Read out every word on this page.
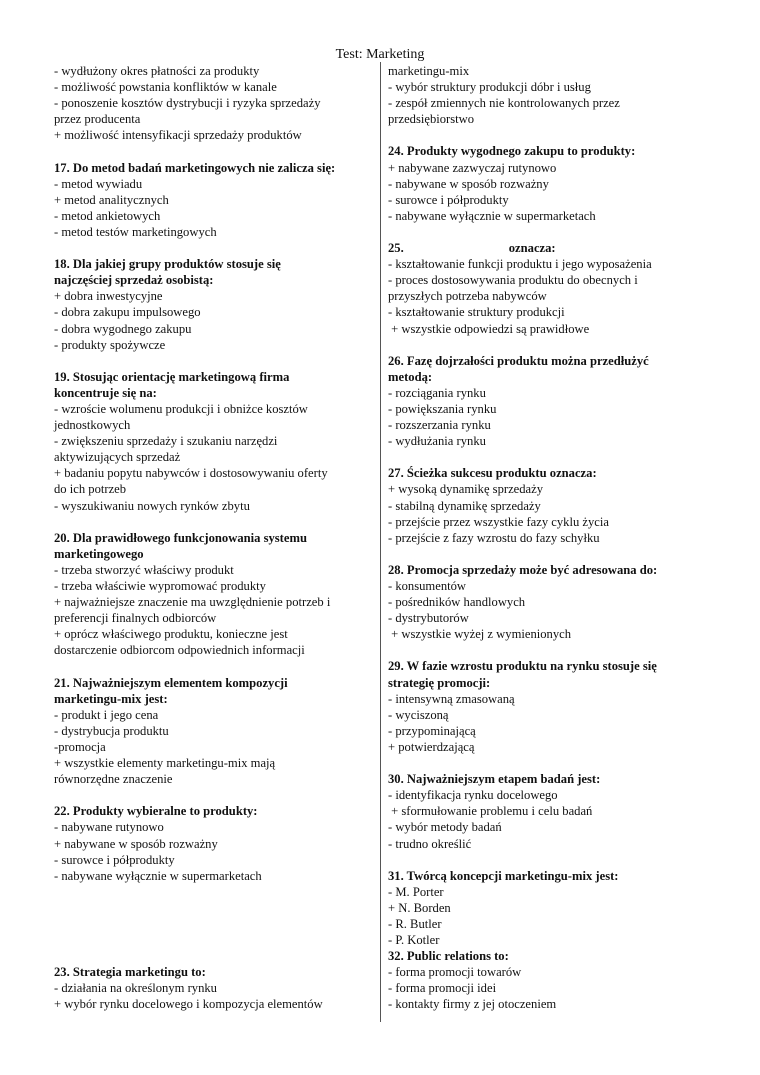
Test: Marketing
- wydłużony okres płatności za produkty
- możliwość powstania konfliktów w kanale
- ponoszenie kosztów dystrybucji i ryzyka sprzedaży
przez producenta
+ możliwość intensyfikacji sprzedaży produktów
17. Do metod badań marketingowych nie zalicza się:
- metod wywiadu
+ metod analitycznych
- metod ankietowych
- metod testów marketingowych
18. Dla jakiej grupy produktów stosuje się
najczęściej sprzedaż osobistą:
+ dobra inwestycyjne
- dobra zakupu impulsowego
- dobra wygodnego zakupu
- produkty spożywcze
19. Stosując orientację marketingową firma
koncentruje się na:
- wzroście wolumenu produkcji i obniżce kosztów
jednostkowych
- zwiększeniu sprzedaży i szukaniu narzędzi
aktywizujących sprzedaż
+ badaniu popytu nabywców i dostosowywaniu oferty
do ich potrzeb
- wyszukiwaniu nowych rynków zbytu
20. Dla prawidłowego funkcjonowania systemu
marketingowego
- trzeba stworzyć właściwy produkt
- trzeba właściwie wypromować produkty
+ najważniejsze znaczenie ma uwzględnienie potrzeb i
preferencji finalnych odbiorców
+ oprócz właściwego produktu, konieczne jest
dostarczenie odbiorcom odpowiednich informacji
21. Najważniejszym elementem kompozycji
marketingu-mix jest:
- produkt i jego cena
- dystrybucja produktu
-promocja
+ wszystkie elementy marketingu-mix mają
równorzędne znaczenie
22. Produkty wybieralne to produkty:
- nabywane rutynowo
+ nabywane w sposób rozważny
- surowce i półprodukty
- nabywane wyłącznie w supermarketach
23. Strategia marketingu to:
- działania na określonym rynku
+ wybór rynku docelowego i kompozycja elementów
marketingu-mix
- wybór struktury produkcji dóbr i usług
- zespół zmiennych nie kontrolowanych przez
przedsiębiorstwo
24. Produkty wygodnego zakupu to produkty:
+ nabywane zazwyczaj rutynowo
- nabywane w sposób rozważny
- surowce i półprodukty
- nabywane wyłącznie w supermarketach
25.	oznacza:
- kształtowanie funkcji produktu i jego wyposażenia
- proces dostosowywania produktu do obecnych i
przyszłych potrzeba nabywców
- kształtowanie struktury produkcji
+ wszystkie odpowiedzi są prawidłowe
26. Fazę dojrzałości produktu można przedłużyć
metodą:
- rozciągania rynku
- powiększania rynku
- rozszerzania rynku
- wydłużania rynku
27. Ścieżka sukcesu produktu oznacza:
+ wysoką dynamikę sprzedaży
- stabilną dynamikę sprzedaży
- przejście przez wszystkie fazy cyklu życia
- przejście z fazy wzrostu do fazy schyłku
28. Promocja sprzedaży może być adresowana do:
- konsumentów
- pośredników handlowych
- dystrybutorów
+ wszystkie wyżej z wymienionych
29. W fazie wzrostu produktu na rynku stosuje się
strategię promocji:
- intensywną zmasowaną
- wyciszoną
- przypominającą
+ potwierdzającą
30. Najważniejszym etapem badań jest:
- identyfikacja rynku docelowego
+ sformułowanie problemu i celu badań
- wybór metody badań
- trudno określić
31. Twórcą koncepcji marketingu-mix jest:
- M. Porter
+ N. Borden
- R. Butler
- P. Kotler
32. Public relations to:
- forma promocji towarów
- forma promocji idei
- kontakty firmy z jej otoczeniem
